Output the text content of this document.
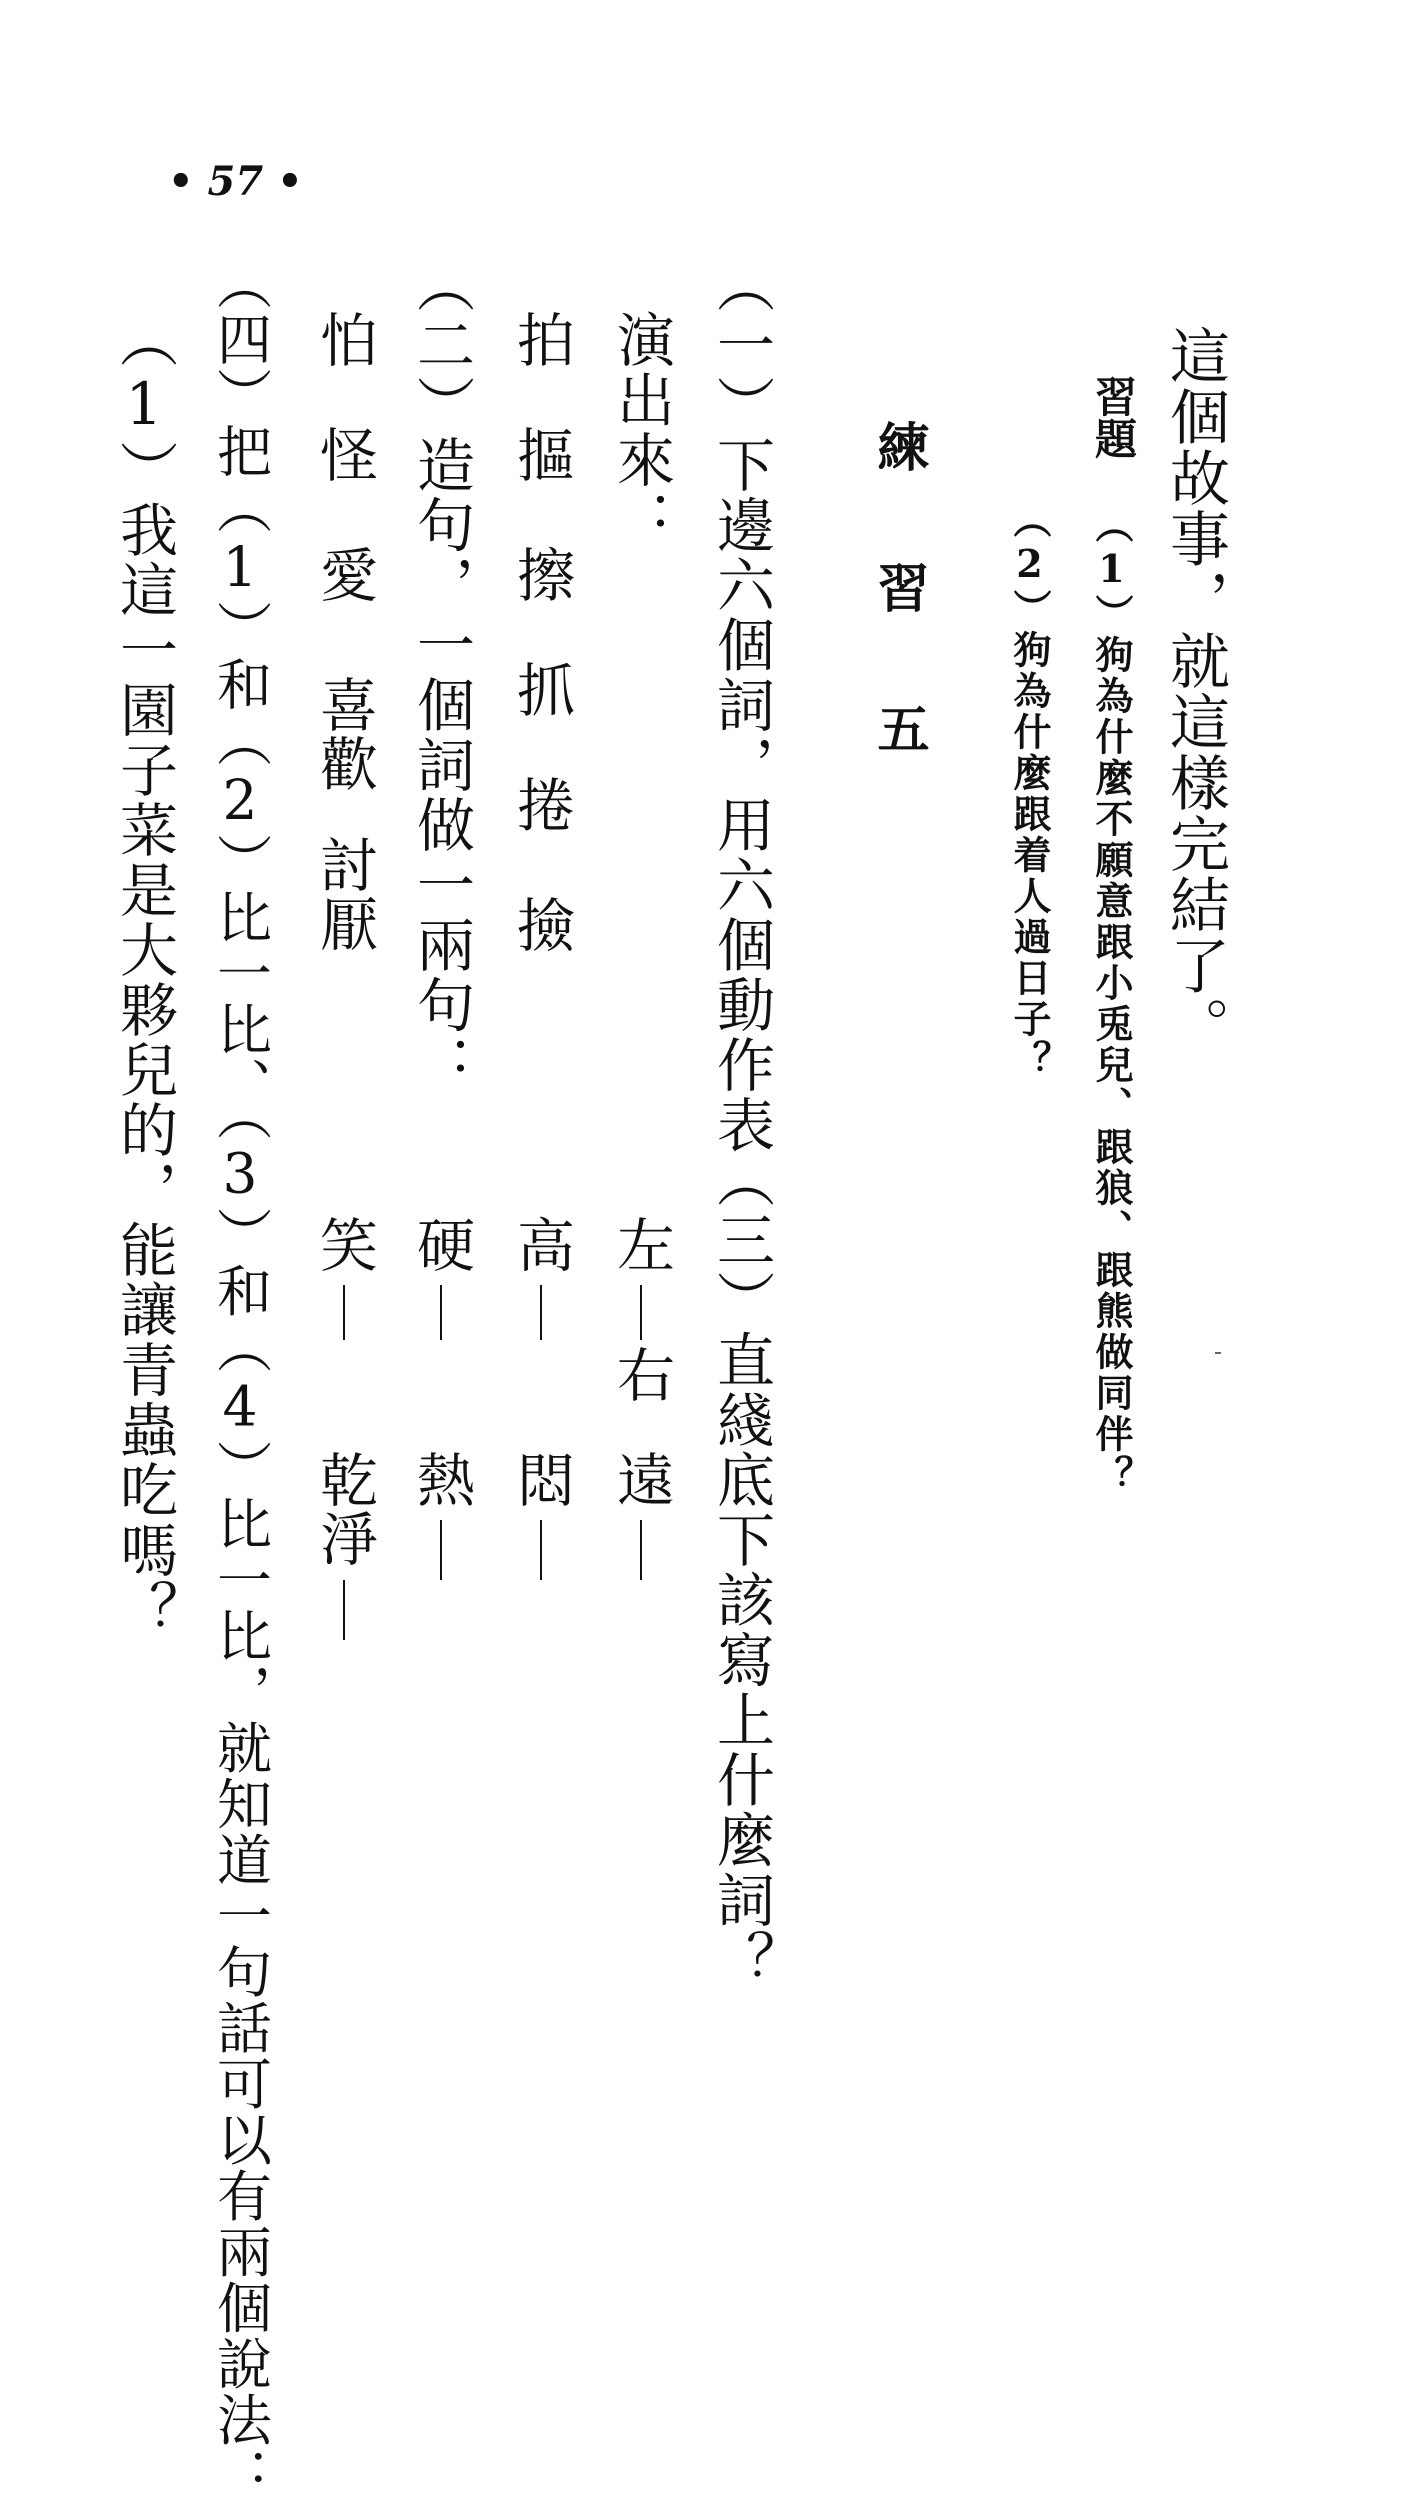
• 57 •
這個故事，就這樣完結了。
習題
（1）狗為什麼不願意跟小兎兒、跟狼、跟熊做同伴？
（2）狗為什麼跟着人過日子？
練 習 五
（一）下邊六個詞，用六個動作表
演出來：
拍
摳
擦
抓
捲
撿
（二）造句，一個詞做一兩句：
怕
怪
愛
喜歡
討厭
（三）直綫底下該寫上什麼詞？
左
右
遠
高
悶
硬
熱
笑
乾淨
（四）把（1）和（2）比一比、（3）和（4）比一比，就知道一句話可以有兩個說法：
（1）我這一園子菜是大夥兒的，能讓青蟲吃嗎？
